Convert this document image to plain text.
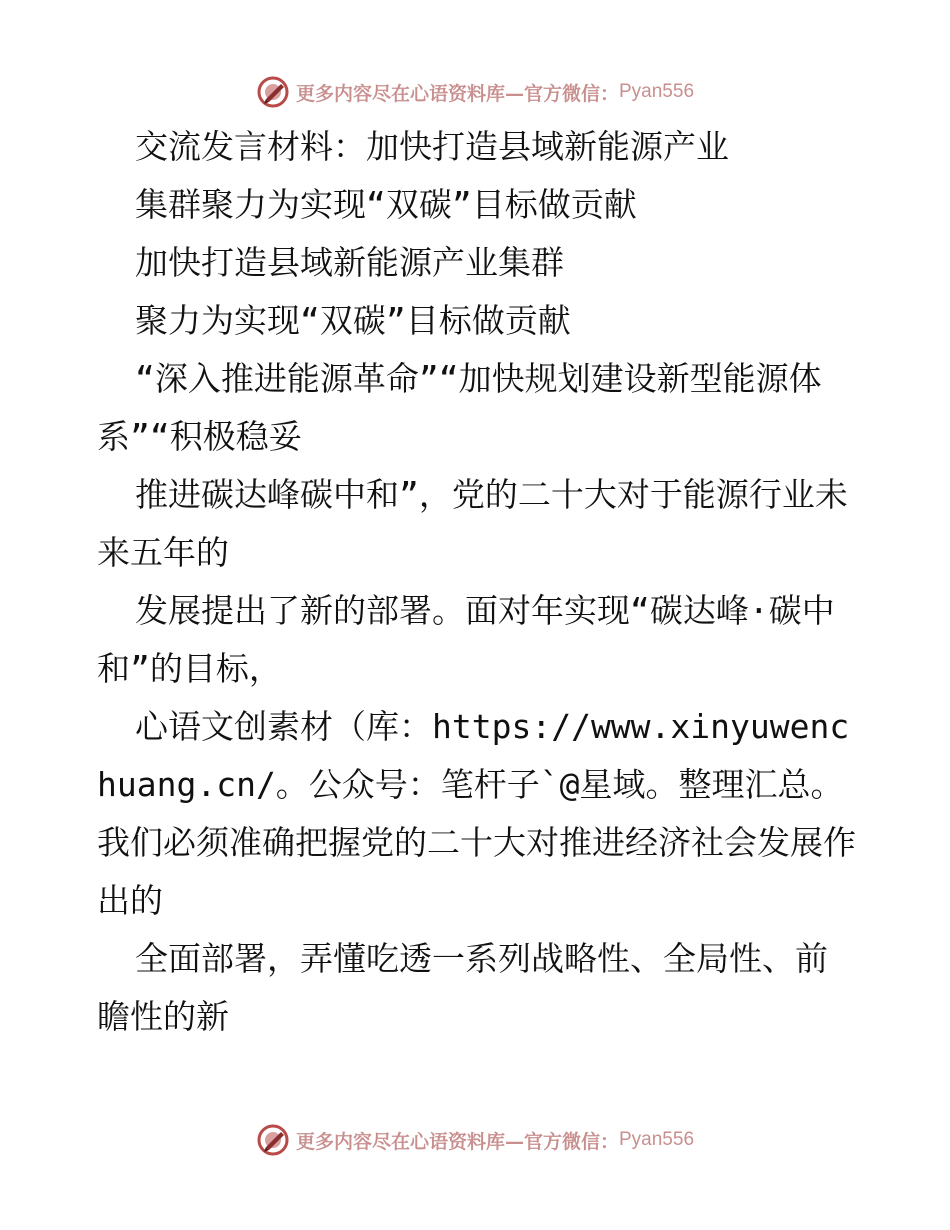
更多内容尽在心语资料库—官方微信： Pyan556

交流发言材料：加快打造县域新能源产业

集群聚力为实现“双碳”目标做贡献

加快打造县域新能源产业集群

聚力为实现“双碳”目标做贡献

“深入推进能源革命”“加快规划建设新型能源体系”“积极稳妥

推进碳达峰碳中和”，党的二十大对于能源行业未来五年的

发展提出了新的部署。面对年实现“碳达峰·碳中和”的目标，

心语文创素材（库：https://www.xinyuwenchuang.cn/。公众号：笔杆子`@星域。整理汇总。我们必须准确把握党的二十大对推进经济社会发展作出的

全面部署，弄懂吃透一系列战略性、全局性、前瞻性的新

更多内容尽在心语资料库—官方微信： Pyan556
